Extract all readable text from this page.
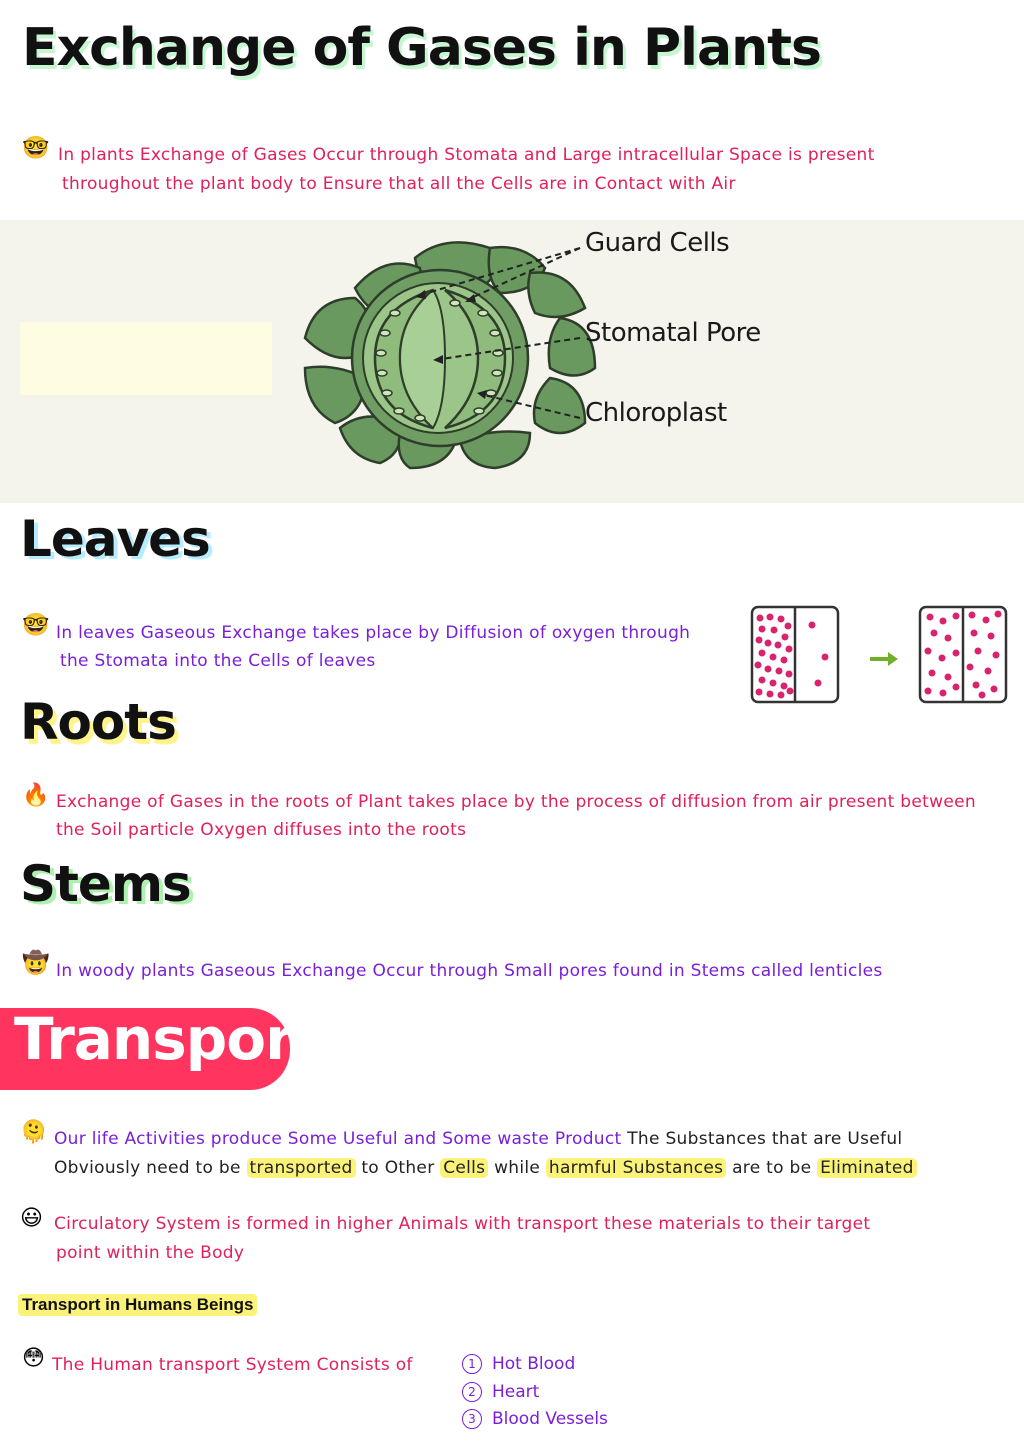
Exchange of Gases in Plants
🤓 In plants Exchange of Gases Occur through Stomata and Large intracellular Space is present

throughout the plant body to Ensure that all the Cells are in Contact with Air

Guard Cells
Stomatal Pore
Chloroplast
Leaves
🤓 In leaves Gaseous Exchange takes place by Diffusion of oxygen through

the Stomata into the Cells of leaves

Roots
🔥 Exchange of Gases in the roots of Plant takes place by the process of diffusion from air present between

the Soil particle Oxygen diffuses into the roots

Stems
🤠 In woody plants Gaseous Exchange Occur through Small pores found in Stems called lenticles

Transport
🫠 Our life Activities produce Some Useful and Some waste Product The Substances that are Useful

Obviously need to be transported to Other Cells while harmful Substances are to be Eliminated

😃 Circulatory System is formed in higher Animals with transport these materials to their target

point within the Body

Transport in Humans Beings
😳 The Human transport System Consists of	1 Hot Blood
2 Heart
3 Blood Vessels
